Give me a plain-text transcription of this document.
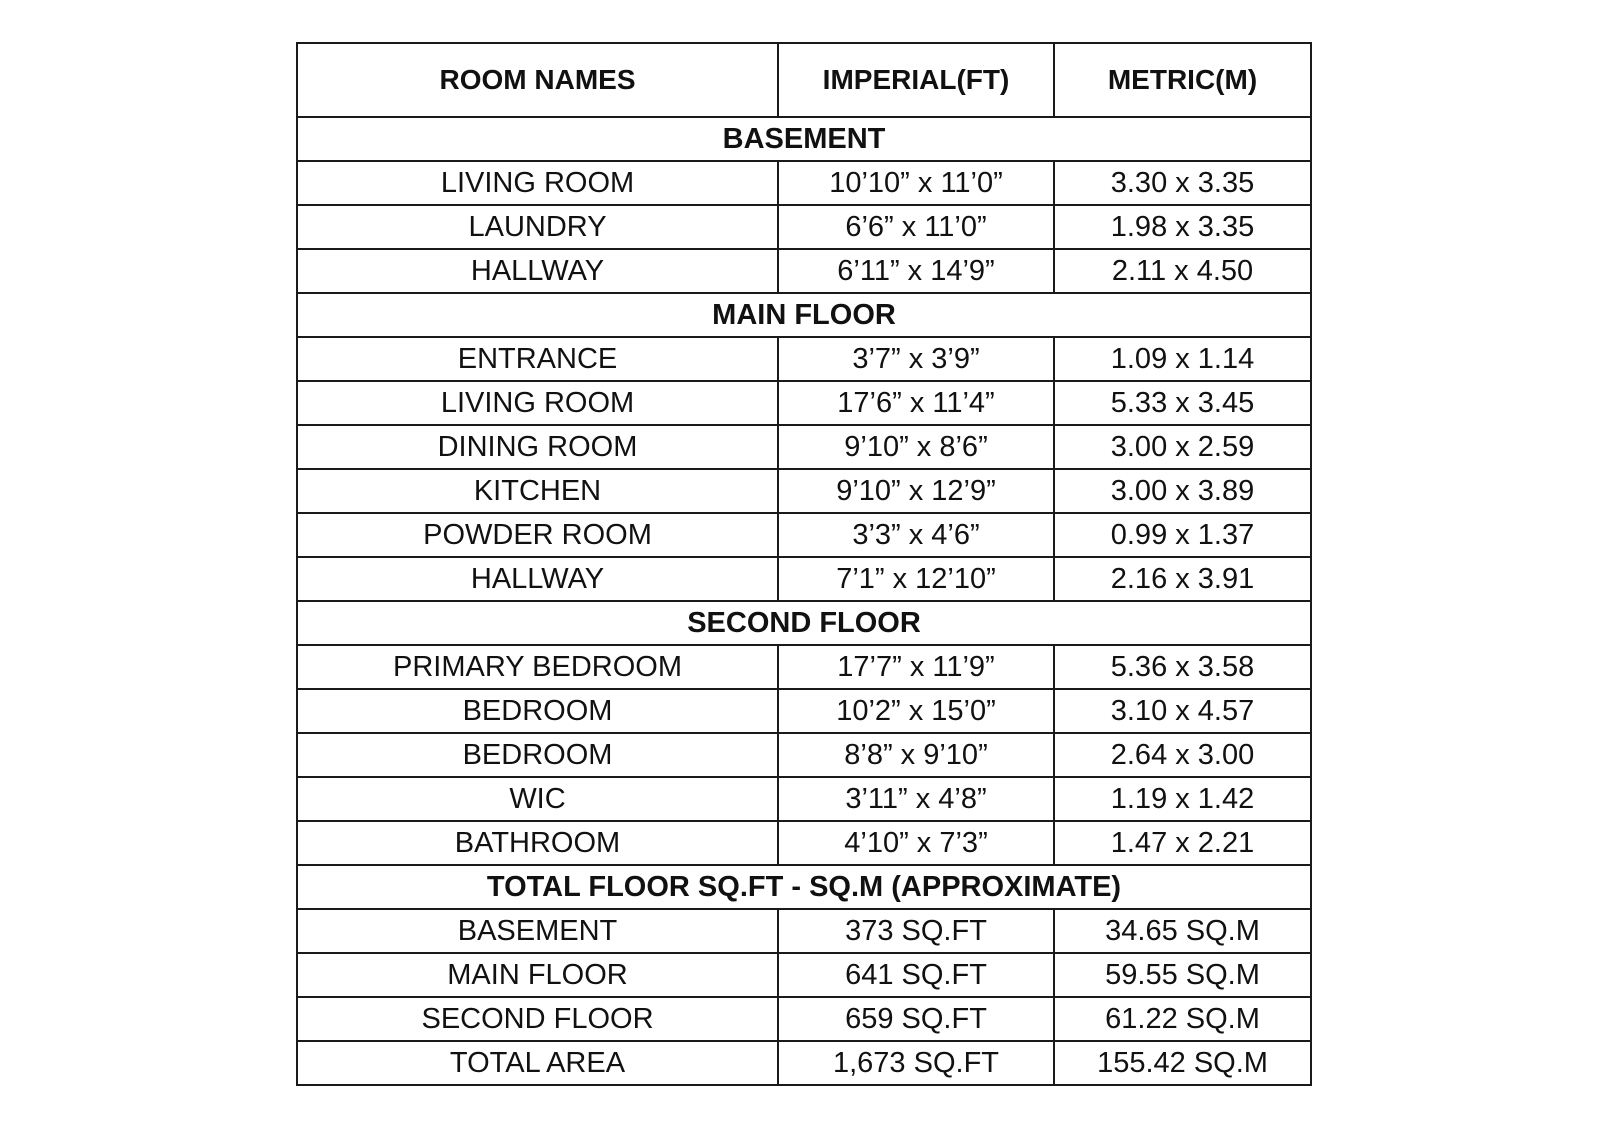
ROOM NAMES	IMPERIAL(FT)	METRIC(M)
BASEMENT		
LIVING ROOM	10’10” x 11’0”	3.30 x 3.35
LAUNDRY	6’6” x 11’0”	1.98 x 3.35
HALLWAY	6’11” x 14’9”	2.11 x 4.50
MAIN FLOOR		
ENTRANCE	3’7” x 3’9”	1.09 x 1.14
LIVING ROOM	17’6” x 11’4”	5.33 x 3.45
DINING ROOM	9’10” x 8’6”	3.00 x 2.59
KITCHEN	9’10” x 12’9”	3.00 x 3.89
POWDER ROOM	3’3” x 4’6”	0.99 x 1.37
HALLWAY	7’1” x 12’10”	2.16 x 3.91
SECOND FLOOR		
PRIMARY BEDROOM	17’7” x 11’9”	5.36 x 3.58
BEDROOM	10’2” x 15’0”	3.10 x 4.57
BEDROOM	8’8” x 9’10”	2.64 x 3.00
WIC	3’11” x 4’8”	1.19 x 1.42
BATHROOM	4’10” x 7’3”	1.47 x 2.21
TOTAL FLOOR SQ.FT - SQ.M (APPROXIMATE)		
BASEMENT	373 SQ.FT	34.65 SQ.M
MAIN FLOOR	641 SQ.FT	59.55 SQ.M
SECOND FLOOR	659 SQ.FT	61.22 SQ.M
TOTAL AREA	1,673 SQ.FT	155.42 SQ.M
